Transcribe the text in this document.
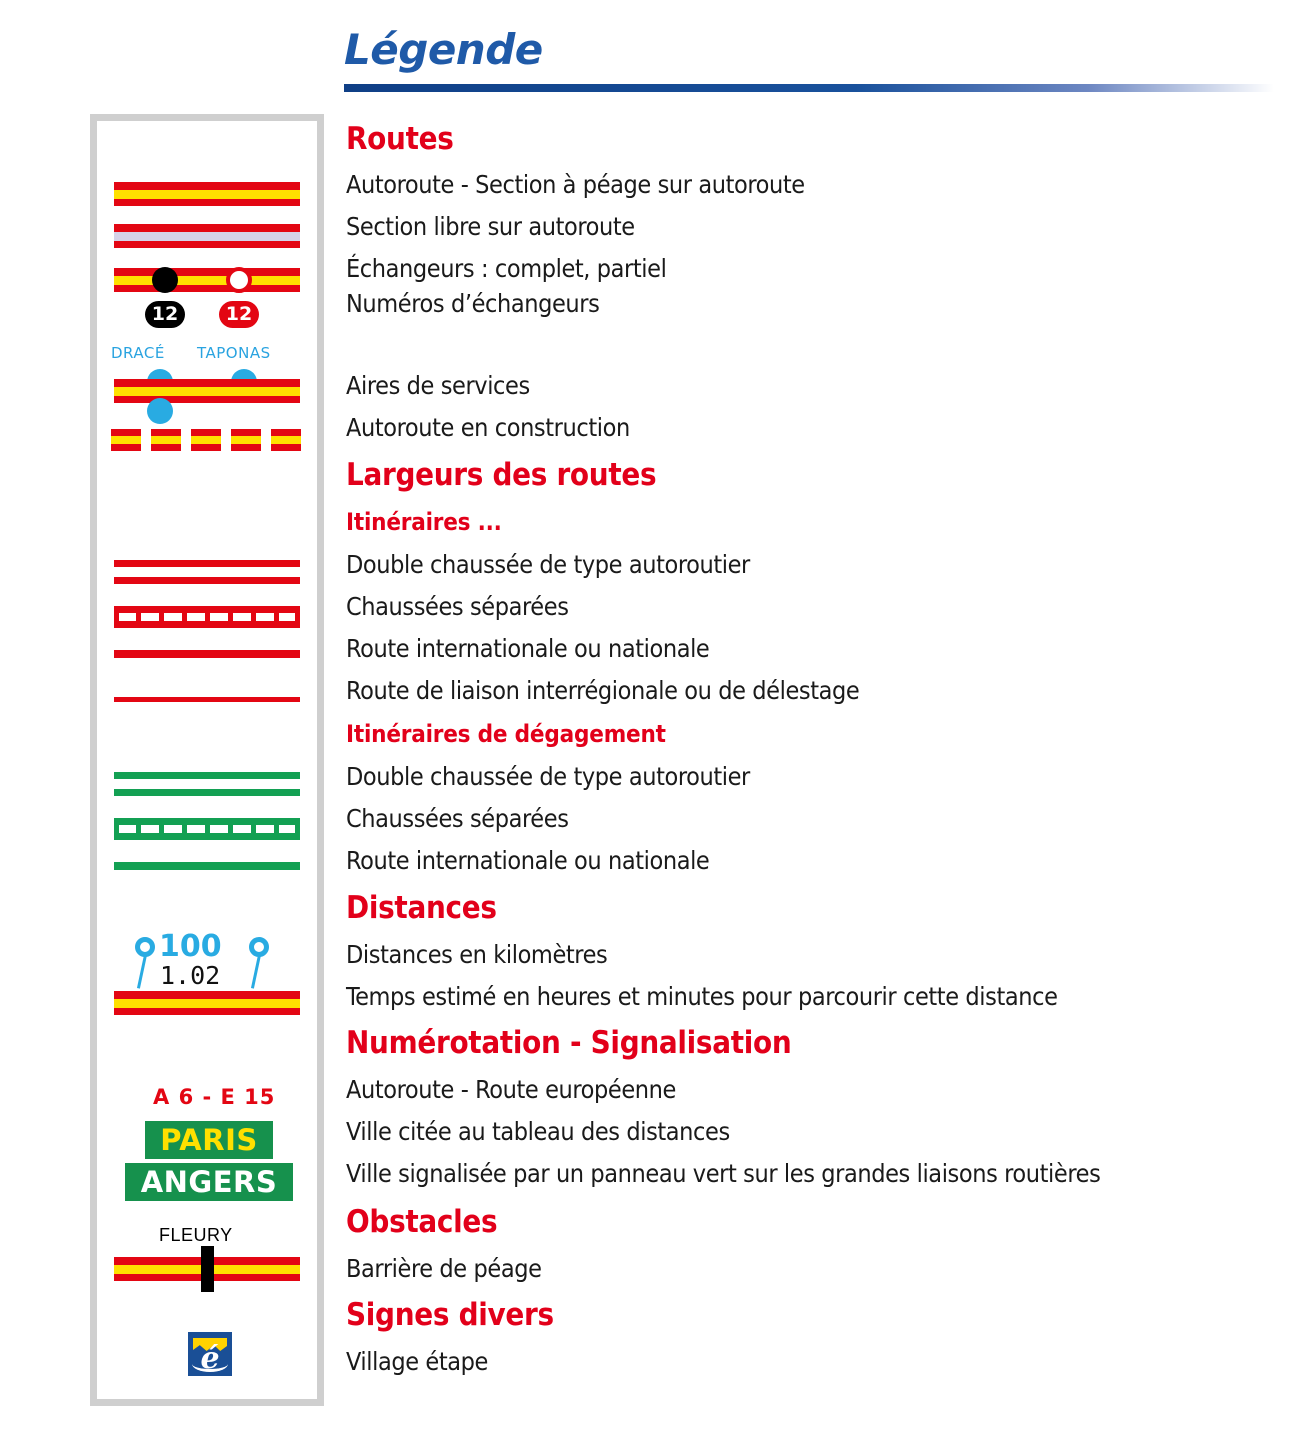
Légende
12	12
DRACÉ TAPONAS
100
1.02
A 6 - E 15
PARIS
ANGERS
FLEURY
é
Routes
Autoroute - Section à péage sur autoroute
Section libre sur autoroute
Échangeurs : complet, partiel
Numéros d’échangeurs
Aires de services
Autoroute en construction
Largeurs des routes
Itinéraires ...
Double chaussée de type autoroutier
Chaussées séparées
Route internationale ou nationale
Route de liaison interrégionale ou de délestage
Itinéraires de dégagement
Double chaussée de type autoroutier
Chaussées séparées
Route internationale ou nationale
Distances
Distances en kilomètres
Temps estimé en heures et minutes pour parcourir cette distance
Numérotation - Signalisation
Autoroute - Route européenne
Ville citée au tableau des distances
Ville signalisée par un panneau vert sur les grandes liaisons routières
Obstacles
Barrière de péage
Signes divers
Village étape
